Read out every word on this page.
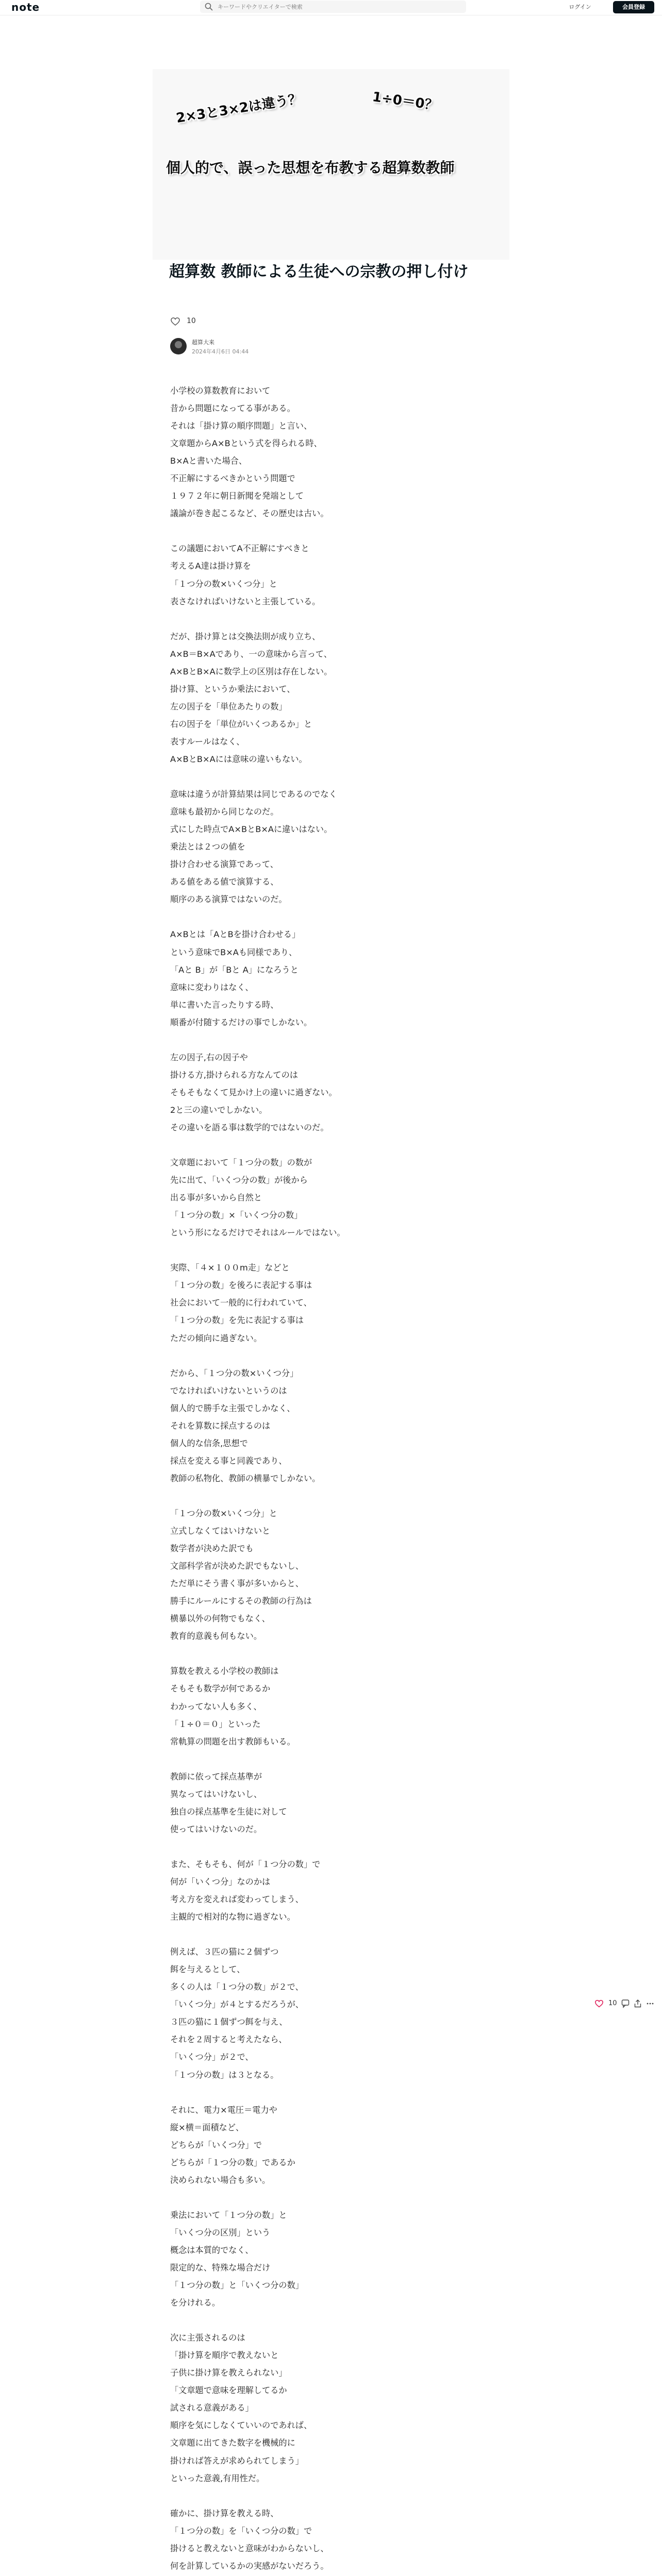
note
キーワードやクリエイターで検索	ログイン	会員登録
2×3と3×2は違う？	1÷0＝0？
個人的で、誤った思想を布教する超算数教師
超算数 教師による生徒への宗教の押し付け
10
超算大来
2024年4月6日 04:44

小学校の算数教育において

昔から問題になってる事がある。

それは「掛け算の順序問題」と言い、

文章題からA×Bという式を得られる時、

B×Aと書いた場合、

不正解にするべきかという問題で

１９７２年に朝日新聞を発端として

議論が巻き起こるなど、その歴史は古い。

この議題においてA不正解にすべきと

考えるA達は掛け算を

「１つ分の数×いくつ分」と

表さなければいけないと主張している。

だが、掛け算とは交換法則が成り立ち、

A×B＝B×Aであり、一の意味から言って、

A×BとB×Aに数学上の区別は存在しない。

掛け算、というか乗法において、

左の因子を「単位あたりの数」

右の因子を「単位がいくつあるか」と

表すルールはなく、

A×BとB×Aには意味の違いもない。

意味は違うが計算結果は同じであるのでなく

意味も最初から同じなのだ。

式にした時点でA×BとB×Aに違いはない。

乗法とは２つの値を

掛け合わせる演算であって、

ある値をある値で演算する、

順序のある演算ではないのだ。

A×Bとは「AとBを掛け合わせる」

という意味でB×Aも同様であり、

「Aと B」が「Bと A」になろうと

意味に変わりはなく、

単に書いた言ったりする時、

順番が付随するだけの事でしかない。

左の因子,右の因子や

掛ける方,掛けられる方なんてのは

そもそもなくて見かけ上の違いに過ぎない。

2と三の違いでしかない。

その違いを語る事は数学的ではないのだ。

文章題において「１つ分の数」の数が

先に出て、「いくつ分の数」が後から

出る事が多いから自然と

「１つ分の数」×「いくつ分の数」

という形になるだけでそれはルールではない。

実際、「４×１００m走」などと

「１つ分の数」を後ろに表記する事は

社会において一般的に行われていて、

「１つ分の数」を先に表記する事は

ただの傾向に過ぎない。

だから、「１つ分の数×いくつ分」

でなければいけないというのは

個人的で勝手な主張でしかなく、

それを算数に採点するのは

個人的な信条,思想で

採点を変える事と同義であり、

教師の私物化、教師の横暴でしかない。

「１つ分の数×いくつ分」と

立式しなくてはいけないと

数学者が決めた訳でも

文部科学省が決めた訳でもないし、

ただ単にそう書く事が多いからと、

勝手にルールにするその教師の行為は

横暴以外の何物でもなく、

教育的意義も何もない。

算数を教える小学校の教師は

そもそも数学が何であるか

わかってない人も多く、

「１÷０＝０」といった

常軌算の問題を出す教師もいる。

教師に依って採点基準が

異なってはいけないし、

独自の採点基準を生徒に対して

使ってはいけないのだ。

また、そもそも、何が「１つ分の数」で

何が「いくつ分」なのかは

考え方を変えれば変わってしまう、

主観的で相対的な物に過ぎない。

例えば、３匹の猫に２個ずつ

餌を与えるとして、

多くの人は「１つ分の数」が２で、

「いくつ分」が４とするだろうが、

３匹の猫に１個ずつ餌を与え、

それを２周すると考えたなら、

「いくつ分」が２で、

「１つ分の数」は３となる。

それに、電力×電圧＝電力や

縦×横＝面積など、

どちらが「いくつ分」で

どちらが「１つ分の数」であるか

決められない場合も多い。

乗法において「１つ分の数」と

「いくつ分の区別」という

概念は本質的でなく、

限定的な、特殊な場合だけ

「１つ分の数」と「いくつ分の数」

を分けれる。

次に主張されるのは

「掛け算を順序で教えないと

子供に掛け算を教えられない」

「文章題で意味を理解してるか

試される意義がある」

順序を気にしなくていいのであれば、

文章題に出てきた数字を機械的に

掛ければ答えが求められてしまう」

といった意義,有用性だ。

確かに、掛け算を教える時、

「１つ分の数」を「いくつ分の数」で

掛けると教えないと意味がわからないし、

何を計算しているかの実感がないだろう。

10
